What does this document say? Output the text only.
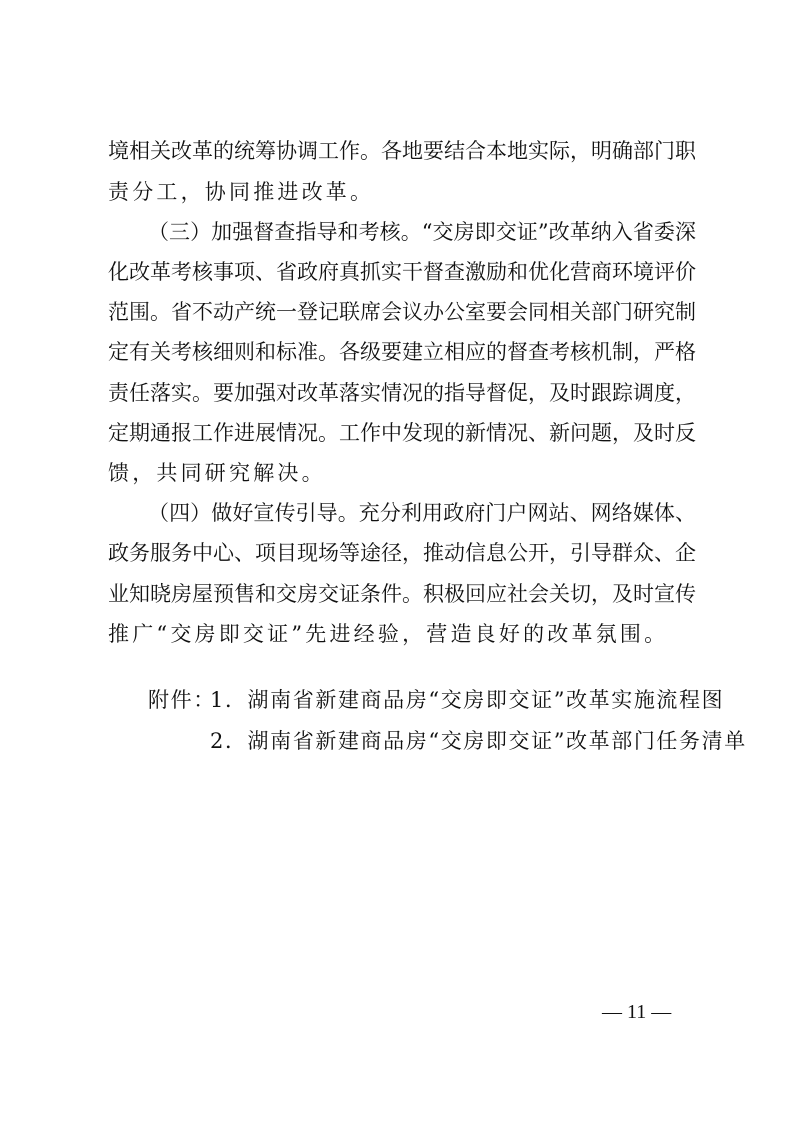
境相关改革的统筹协调工作。各地要结合本地实际，明确部门职
责分工，协同推进改革。
（三）加强督查指导和考核。“交房即交证”改革纳入省委深
化改革考核事项、省政府真抓实干督查激励和优化营商环境评价
范围。省不动产统一登记联席会议办公室要会同相关部门研究制
定有关考核细则和标准。各级要建立相应的督查考核机制，严格
责任落实。要加强对改革落实情况的指导督促，及时跟踪调度，
定期通报工作进展情况。工作中发现的新情况、新问题，及时反
馈，共同研究解决。
（四）做好宣传引导。充分利用政府门户网站、网络媒体、
政务服务中心、项目现场等途径，推动信息公开，引导群众、企
业知晓房屋预售和交房交证条件。积极回应社会关切，及时宣传
推广“交房即交证”先进经验，营造良好的改革氛围。
附件：
1．湖南省新建商品房“交房即交证”改革实施流程图
2．湖南省新建商品房“交房即交证”改革部门任务清单
— 11 —
